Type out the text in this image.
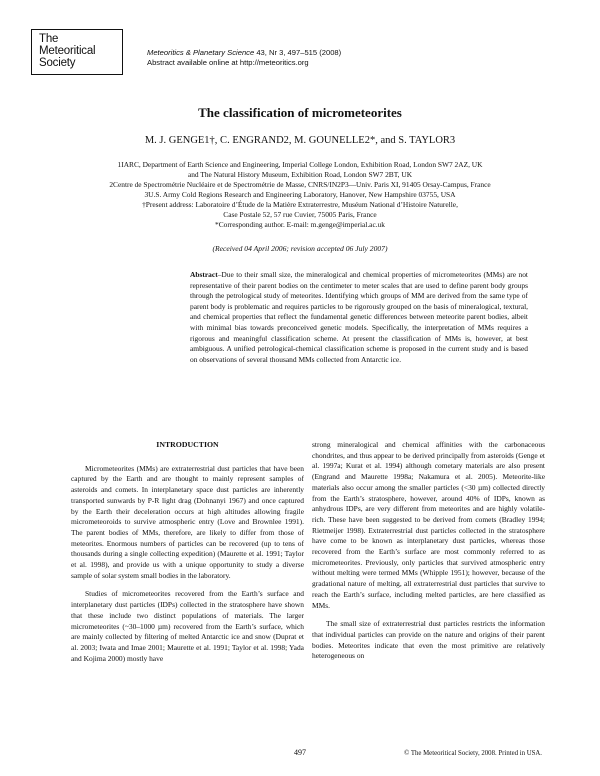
The
Meteoritical
Society
Meteoritics & Planetary Science 43, Nr 3, 497–515 (2008)
Abstract available online at http://meteoritics.org
The classification of micrometeorites
M. J. GENGE1†, C. ENGRAND2, M. GOUNELLE2*, and S. TAYLOR3
1IARC, Department of Earth Science and Engineering, Imperial College London, Exhibition Road, London SW7 2AZ, UK
and The Natural History Museum, Exhibition Road, London SW7 2BT, UK
2Centre de Spectrométrie Nucléaire et de Spectrométrie de Masse, CNRS/IN2P3—Univ. Paris XI, 91405 Orsay-Campus, France
3U.S. Army Cold Regions Research and Engineering Laboratory, Hanover, New Hampshire 03755, USA
†Present address: Laboratoire d’Étude de la Matière Extraterrestre, Muséum National d’Histoire Naturelle,
Case Postale 52, 57 rue Cuvier, 75005 Paris, France
*Corresponding author. E-mail: m.genge@imperial.ac.uk
(Received 04 April 2006; revision accepted 06 July 2007)
Abstract–Due to their small size, the mineralogical and chemical properties of micrometeorites (MMs) are not representative of their parent bodies on the centimeter to meter scales that are used to define parent body groups through the petrological study of meteorites. Identifying which groups of MM are derived from the same type of parent body is problematic and requires particles to be rigorously grouped on the basis of mineralogical, textural, and chemical properties that reflect the fundamental genetic differences between meteorite parent bodies, albeit with minimal bias towards preconceived genetic models. Specifically, the interpretation of MMs requires a rigorous and meaningful classification scheme. At present the classification of MMs is, however, at best ambiguous. A unified petrological-chemical classification scheme is proposed in the current study and is based on observations of several thousand MMs collected from Antarctic ice.

INTRODUCTION

Micrometeorites (MMs) are extraterrestrial dust particles that have been captured by the Earth and are thought to mainly represent samples of asteroids and comets. In interplanetary space dust particles are inherently transported sunwards by P-R light drag (Dohnanyi 1967) and once captured by the Earth their deceleration occurs at high altitudes allowing fragile micrometeoroids to survive atmospheric entry (Love and Brownlee 1991). The parent bodies of MMs, therefore, are likely to differ from those of meteorites. Enormous numbers of particles can be recovered (up to tens of thousands during a single collecting expedition) (Maurette et al. 1991; Taylor et al. 1998), and provide us with a unique opportunity to study a diverse sample of solar system small bodies in the laboratory.

Studies of micrometeorites recovered from the Earth’s surface and interplanetary dust particles (IDPs) collected in the stratosphere have shown that these include two distinct populations of materials. The larger micrometeorites (~30–1000 µm) recovered from the Earth’s surface, which are mainly collected by filtering of melted Antarctic ice and snow (Duprat et al. 2003; Iwata and Imae 2001; Maurette et al. 1991; Taylor et al. 1998; Yada and Kojima 2000) mostly have

strong mineralogical and chemical affinities with the carbonaceous chondrites, and thus appear to be derived principally from asteroids (Genge et al. 1997a; Kurat et al. 1994) although cometary materials are also present (Engrand and Maurette 1998a; Nakamura et al. 2005). Meteorite-like materials also occur among the smaller particles (<30 µm) collected directly from the Earth’s stratosphere, however, around 40% of IDPs, known as anhydrous IDPs, are very different from meteorites and are highly volatile-rich. These have been suggested to be derived from comets (Bradley 1994; Rietmeijer 1998). Extraterrestrial dust particles collected in the stratosphere have come to be known as interplanetary dust particles, whereas those recovered from the Earth’s surface are most commonly referred to as micrometeorites. Previously, only particles that survived atmospheric entry without melting were termed MMs (Whipple 1951); however, because of the gradational nature of melting, all extraterrestrial dust particles that survive to reach the Earth’s surface, including melted particles, are here classified as MMs.

The small size of extraterrestrial dust particles restricts the information that individual particles can provide on the nature and origins of their parent bodies. Meteorites indicate that even the most primitive are relatively heterogeneous on

497	© The Meteoritical Society, 2008. Printed in USA.
